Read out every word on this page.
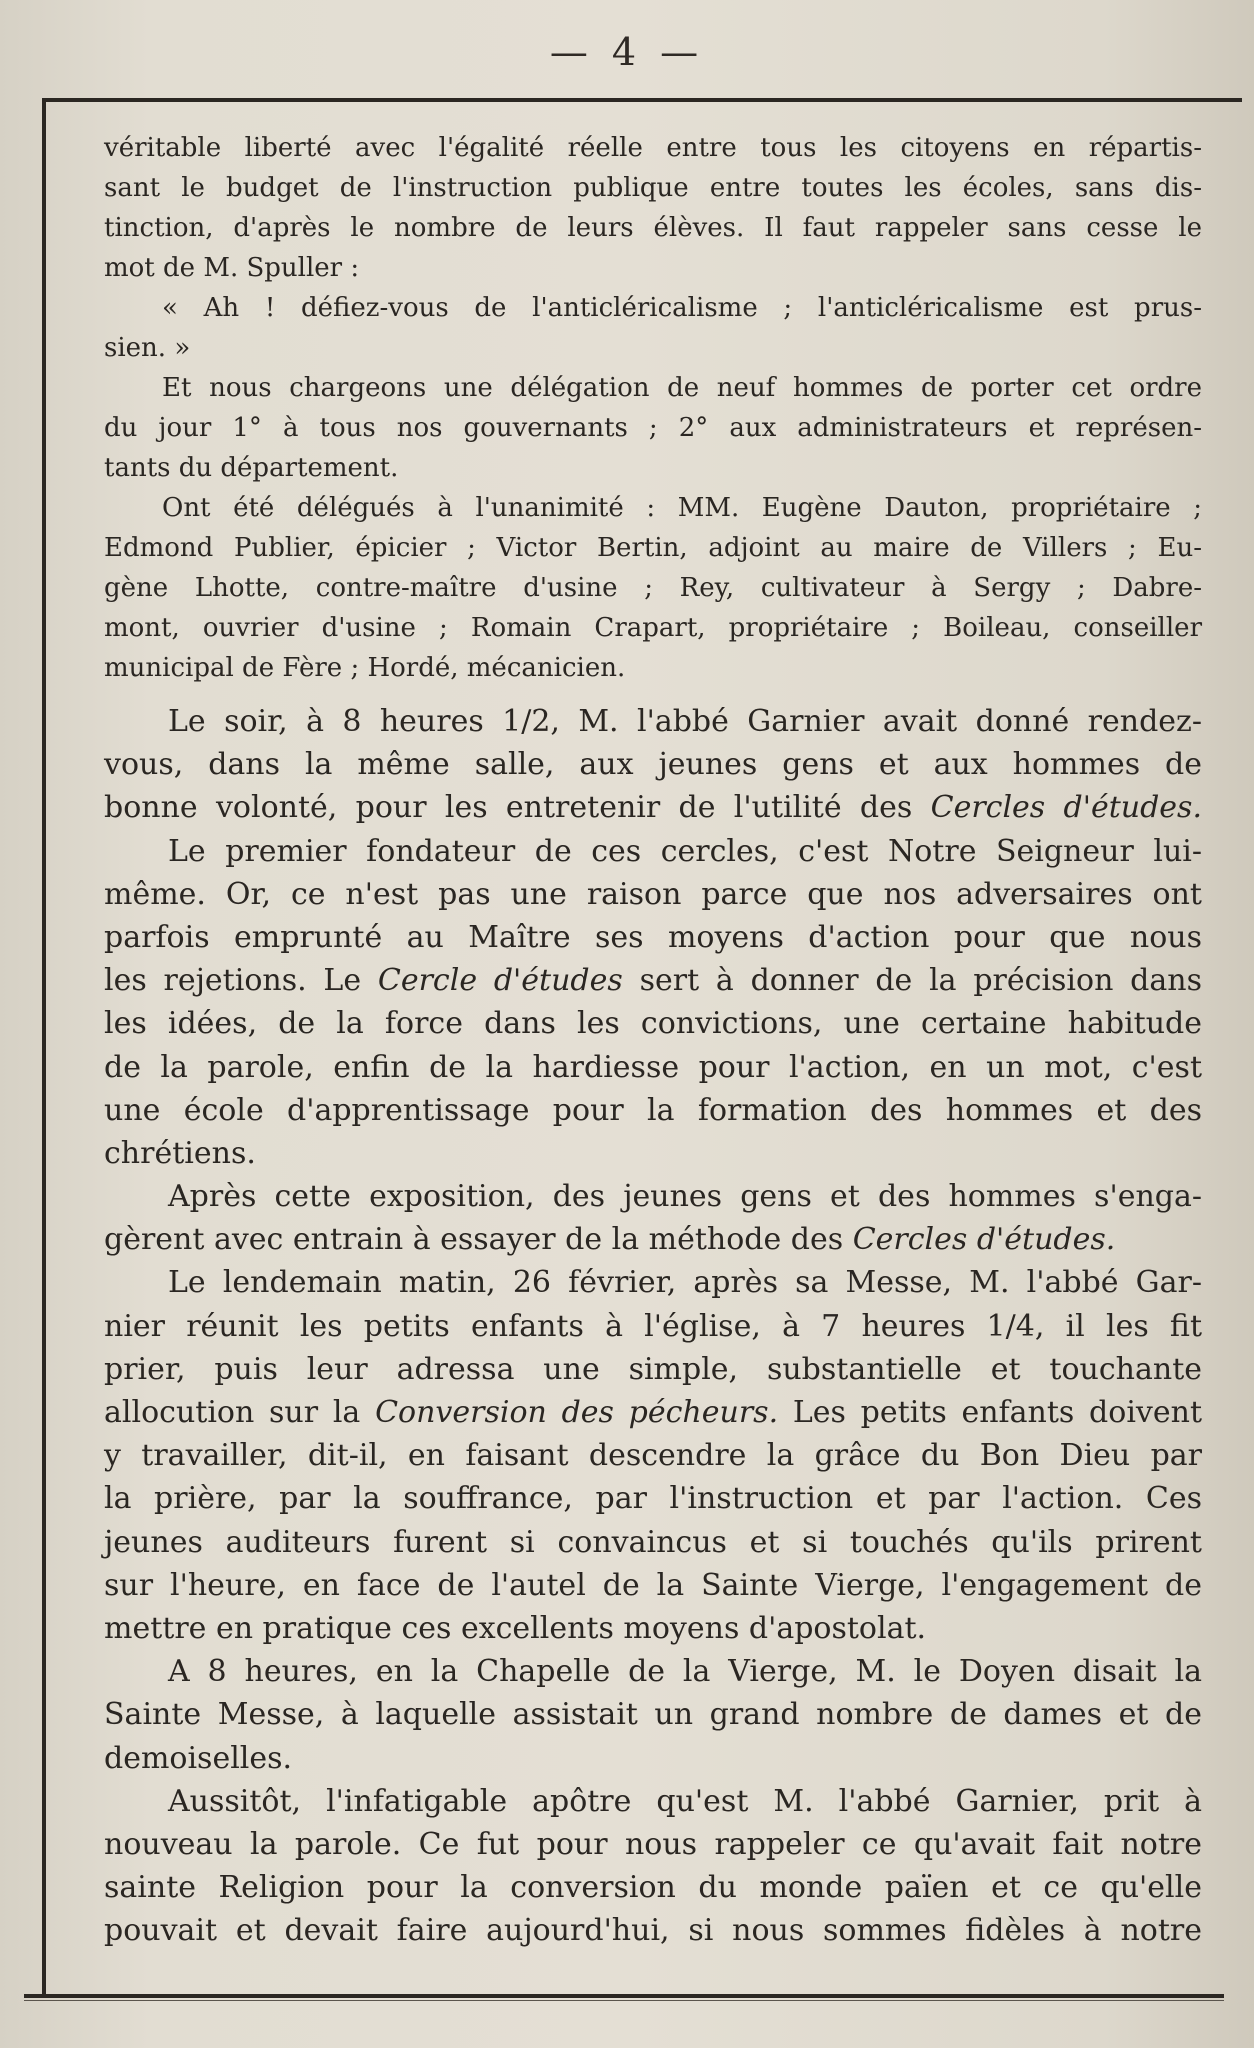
— 4 —
véritable liberté avec l'égalité réelle entre tous les citoyens en répartis-
sant le budget de l'instruction publique entre toutes les écoles, sans dis-
tinction, d'après le nombre de leurs élèves. Il faut rappeler sans cesse le
mot de M. Spuller :
« Ah ! défiez-vous de l'anticléricalisme ; l'anticléricalisme est prus-
sien. »
Et nous chargeons une délégation de neuf hommes de porter cet ordre
du jour 1° à tous nos gouvernants ; 2° aux administrateurs et représen-
tants du département.
Ont été délégués à l'unanimité : MM. Eugène Dauton, propriétaire ;
Edmond Publier, épicier ; Victor Bertin, adjoint au maire de Villers ; Eu-
gène Lhotte, contre-maître d'usine ; Rey, cultivateur à Sergy ; Dabre-
mont, ouvrier d'usine ; Romain Crapart, propriétaire ; Boileau, conseiller
municipal de Fère ; Hordé, mécanicien.
Le soir, à 8 heures 1/2, M. l'abbé Garnier avait donné rendez-
vous, dans la même salle, aux jeunes gens et aux hommes de
bonne volonté, pour les entretenir de l'utilité des Cercles d'études.
Le premier fondateur de ces cercles, c'est Notre Seigneur lui-
même. Or, ce n'est pas une raison parce que nos adversaires ont
parfois emprunté au Maître ses moyens d'action pour que nous
les rejetions. Le Cercle d'études sert à donner de la précision dans
les idées, de la force dans les convictions, une certaine habitude
de la parole, enfin de la hardiesse pour l'action, en un mot, c'est
une école d'apprentissage pour la formation des hommes et des
chrétiens.
Après cette exposition, des jeunes gens et des hommes s'enga-
gèrent avec entrain à essayer de la méthode des Cercles d'études.
Le lendemain matin, 26 février, après sa Messe, M. l'abbé Gar-
nier réunit les petits enfants à l'église, à 7 heures 1/4, il les fit
prier, puis leur adressa une simple, substantielle et touchante
allocution sur la Conversion des pécheurs. Les petits enfants doivent
y travailler, dit-il, en faisant descendre la grâce du Bon Dieu par
la prière, par la souffrance, par l'instruction et par l'action. Ces
jeunes auditeurs furent si convaincus et si touchés qu'ils prirent
sur l'heure, en face de l'autel de la Sainte Vierge, l'engagement de
mettre en pratique ces excellents moyens d'apostolat.
A 8 heures, en la Chapelle de la Vierge, M. le Doyen disait la
Sainte Messe, à laquelle assistait un grand nombre de dames et de
demoiselles.
Aussitôt, l'infatigable apôtre qu'est M. l'abbé Garnier, prit à
nouveau la parole. Ce fut pour nous rappeler ce qu'avait fait notre
sainte Religion pour la conversion du monde païen et ce qu'elle
pouvait et devait faire aujourd'hui, si nous sommes fidèles à notre
